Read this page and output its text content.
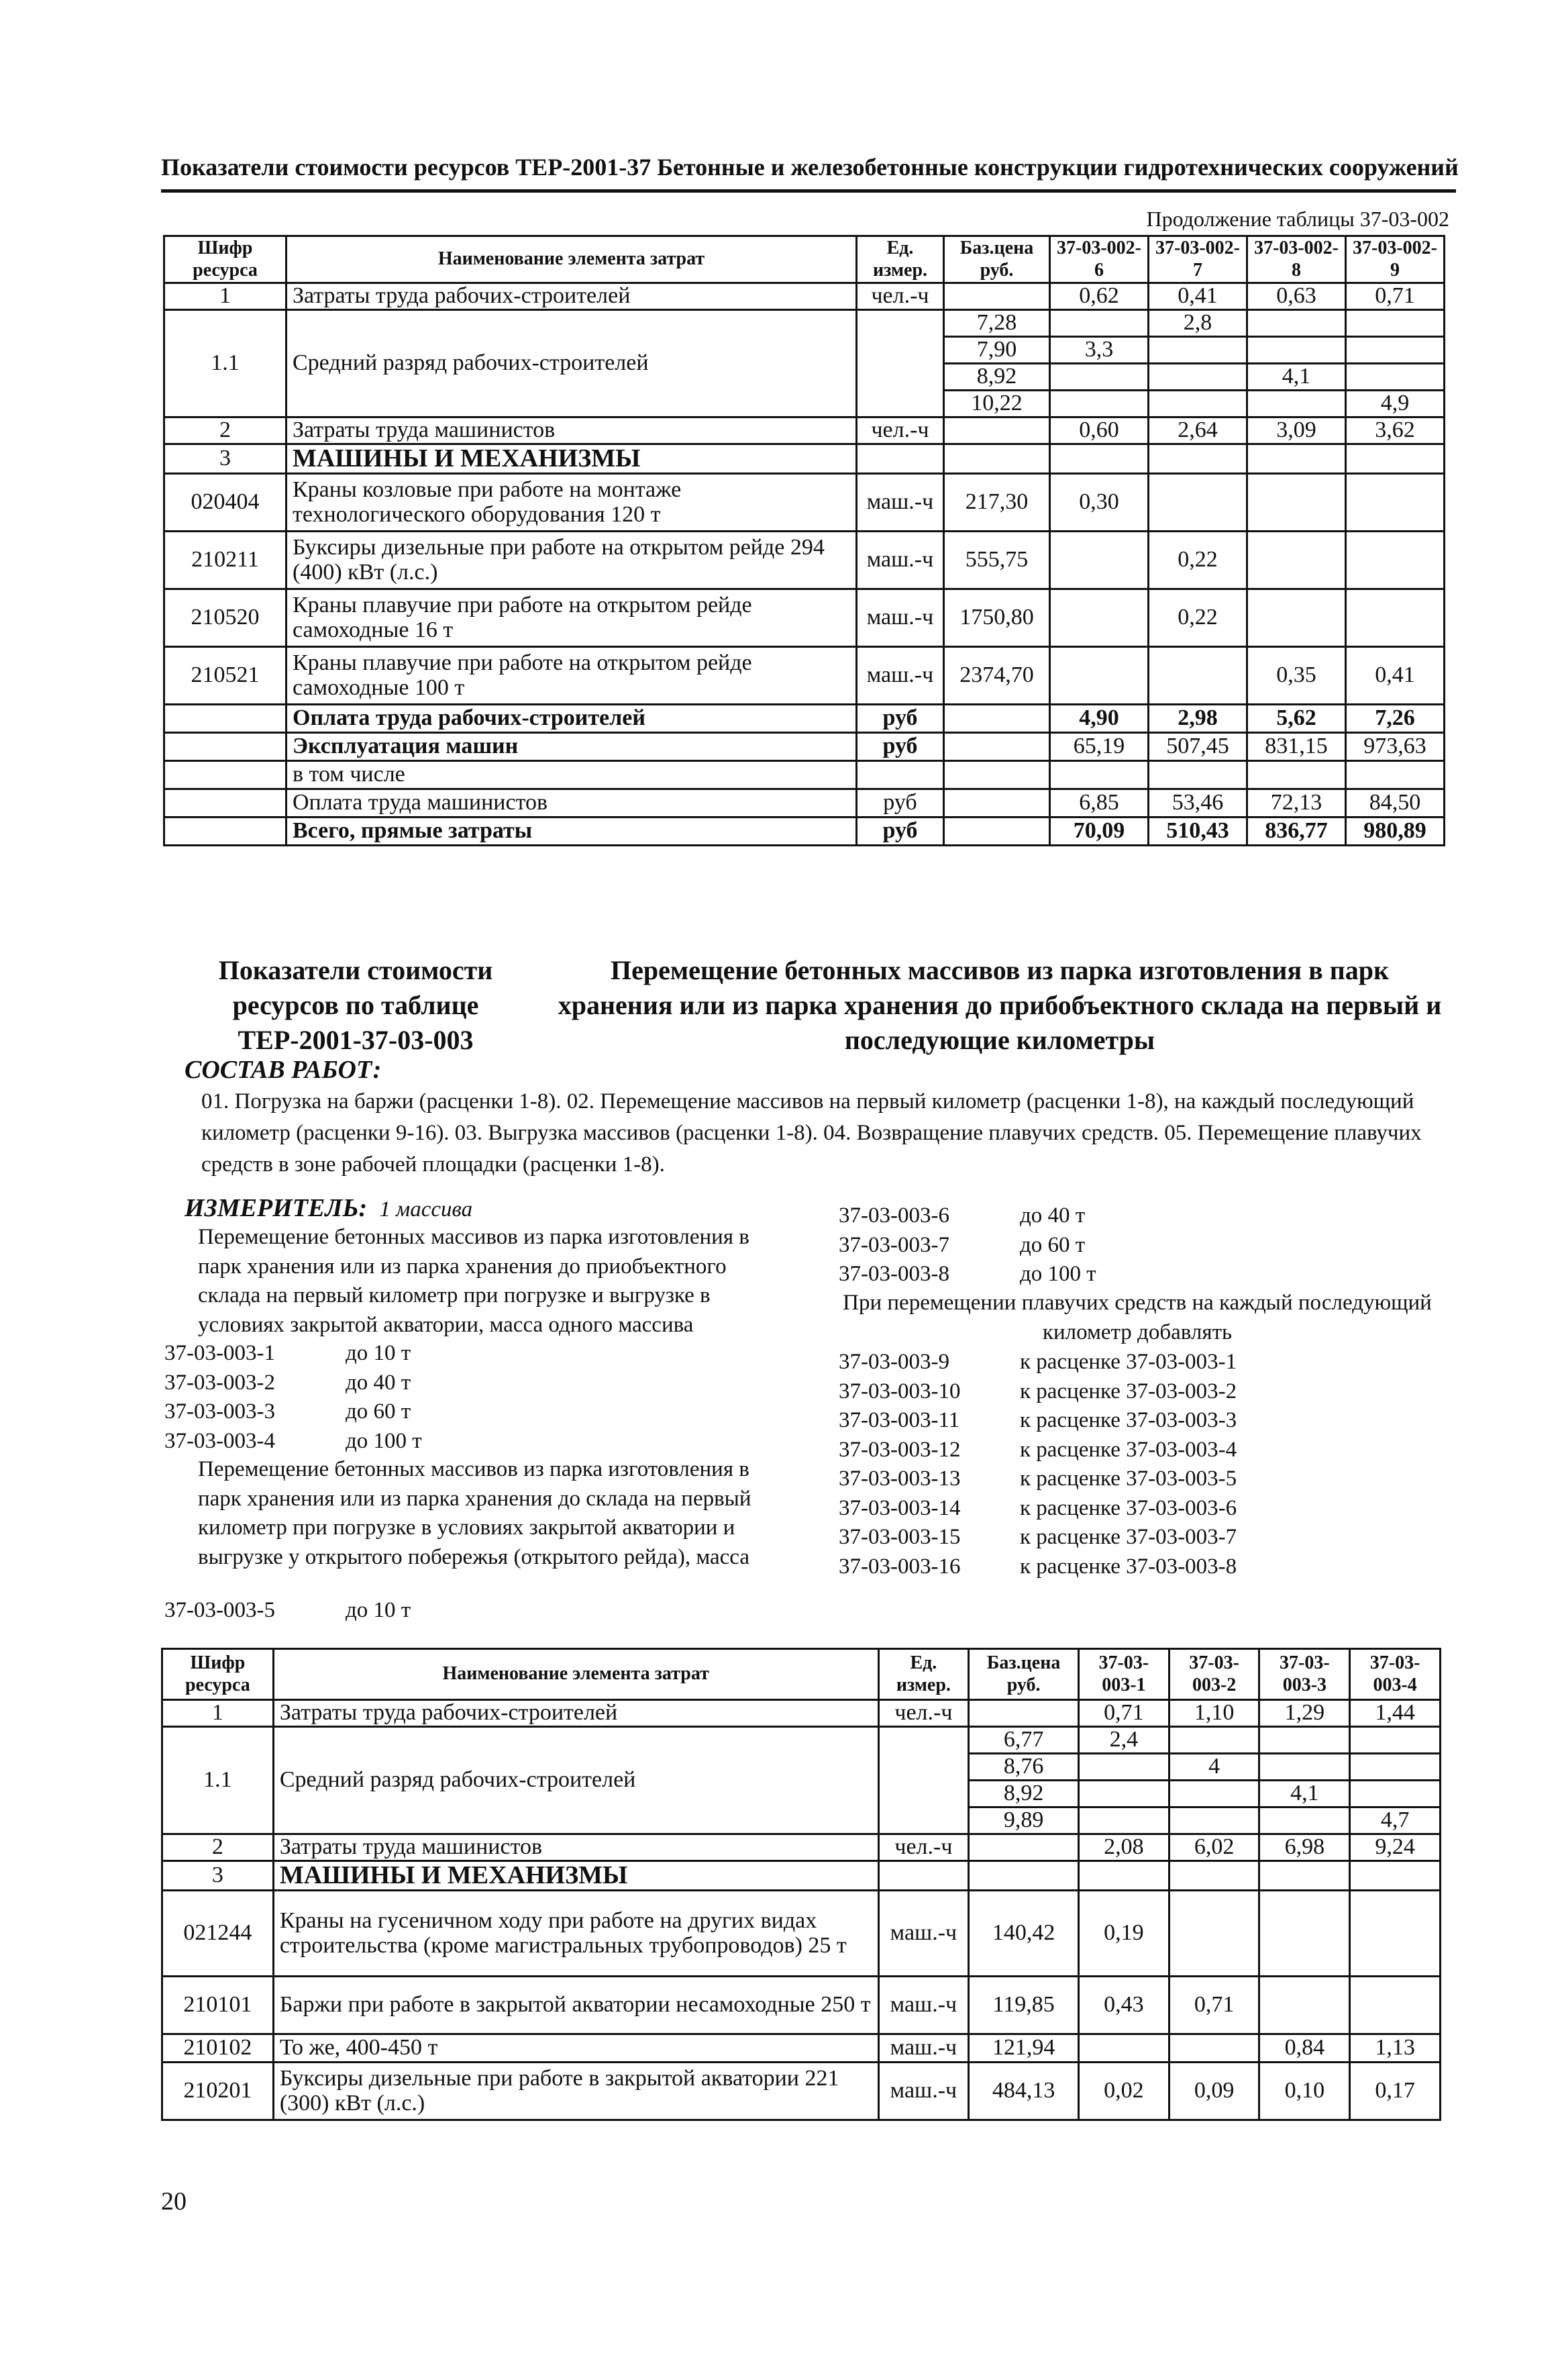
Показатели стоимости ресурсов ТЕР-2001-37 Бетонные и железобетонные конструкции гидротехнических сооружений
Продолжение таблицы 37-03-002
Шифр ресурса	Наименование элемента затрат	Ед. измер.	Баз.цена руб.	37-03-002-6	37-03-002-7	37-03-002-8	37-03-002-9
1	Затраты труда рабочих-строителей	чел.-ч		0,62	0,41	0,63	0,71
1.1	Средний разряд рабочих-строителей		7,28		2,8		
			7,90	3,3			
			8,92			4,1	
			10,22				4,9
2	Затраты труда машинистов	чел.-ч		0,60	2,64	3,09	3,62
3	МАШИНЫ И МЕХАНИЗМЫ						
020404	Краны козловые при работе на монтаже технологического оборудования 120 т	маш.-ч	217,30	0,30			
210211	Буксиры дизельные при работе на открытом рейде 294 (400) кВт (л.с.)	маш.-ч	555,75		0,22		
210520	Краны плавучие при работе на открытом рейде самоходные 16 т	маш.-ч	1750,80		0,22		
210521	Краны плавучие при работе на открытом рейде самоходные 100 т	маш.-ч	2374,70			0,35	0,41
	Оплата труда рабочих-строителей	руб		4,90	2,98	5,62	7,26
	Эксплуатация машин	руб		65,19	507,45	831,15	973,63
	в том числе						
	Оплата труда машинистов	руб		6,85	53,46	72,13	84,50
	Всего, прямые затраты	руб		70,09	510,43	836,77	980,89
Показатели стоимости ресурсов по таблице ТЕР-2001-37-03-003
Перемещение бетонных массивов из парка изготовления в парк хранения или из парка хранения до прибобъектного склада на первый и последующие километры
СОСТАВ РАБОТ:
01. Погрузка на баржи (расценки 1-8). 02. Перемещение массивов на первый километр (расценки 1-8), на каждый последующий километр (расценки 9-16). 03. Выгрузка массивов (расценки 1-8). 04. Возвращение плавучих средств. 05. Перемещение плавучих средств в зоне рабочей площадки (расценки 1-8).
ИЗМЕРИТЕЛЬ: 1 массива
Перемещение бетонных массивов из парка изготовления в парк хранения или из парка хранения до приобъектного склада на первый километр при погрузке и выгрузке в условиях закрытой акватории, масса одного массива
37-03-003-1	до 10 т
37-03-003-2	до 40 т
37-03-003-3	до 60 т
37-03-003-4	до 100 т
Перемещение бетонных массивов из парка изготовления в парк хранения или из парка хранения до склада на первый километр при погрузке в условиях закрытой акватории и выгрузке у открытого побережья (открытого рейда), масса
37-03-003-5	до 10 т
37-03-003-6	до 40 т
37-03-003-7	до 60 т
37-03-003-8	до 100 т
При перемещении плавучих средств на каждый последующий километр добавлять
37-03-003-9	к расценке 37-03-003-1
37-03-003-10	к расценке 37-03-003-2
37-03-003-11	к расценке 37-03-003-3
37-03-003-12	к расценке 37-03-003-4
37-03-003-13	к расценке 37-03-003-5
37-03-003-14	к расценке 37-03-003-6
37-03-003-15	к расценке 37-03-003-7
37-03-003-16	к расценке 37-03-003-8
Шифр ресурса	Наименование элемента затрат	Ед. измер.	Баз.цена руб.	37-03-003-1	37-03-003-2	37-03-003-3	37-03-003-4
1	Затраты труда рабочих-строителей	чел.-ч		0,71	1,10	1,29	1,44
1.1	Средний разряд рабочих-строителей		6,77	2,4			
			8,76		4		
			8,92			4,1	
			9,89				4,7
2	Затраты труда машинистов	чел.-ч		2,08	6,02	6,98	9,24
3	МАШИНЫ И МЕХАНИЗМЫ						
021244	Краны на гусеничном ходу при работе на других видах строительства (кроме магистральных трубопроводов) 25 т	маш.-ч	140,42	0,19			
210101	Баржи при работе в закрытой акватории несамоходные 250 т	маш.-ч	119,85	0,43	0,71		
210102	То же, 400-450 т	маш.-ч	121,94			0,84	1,13
210201	Буксиры дизельные при работе в закрытой акватории 221 (300) кВт (л.с.)	маш.-ч	484,13	0,02	0,09	0,10	0,17
20
